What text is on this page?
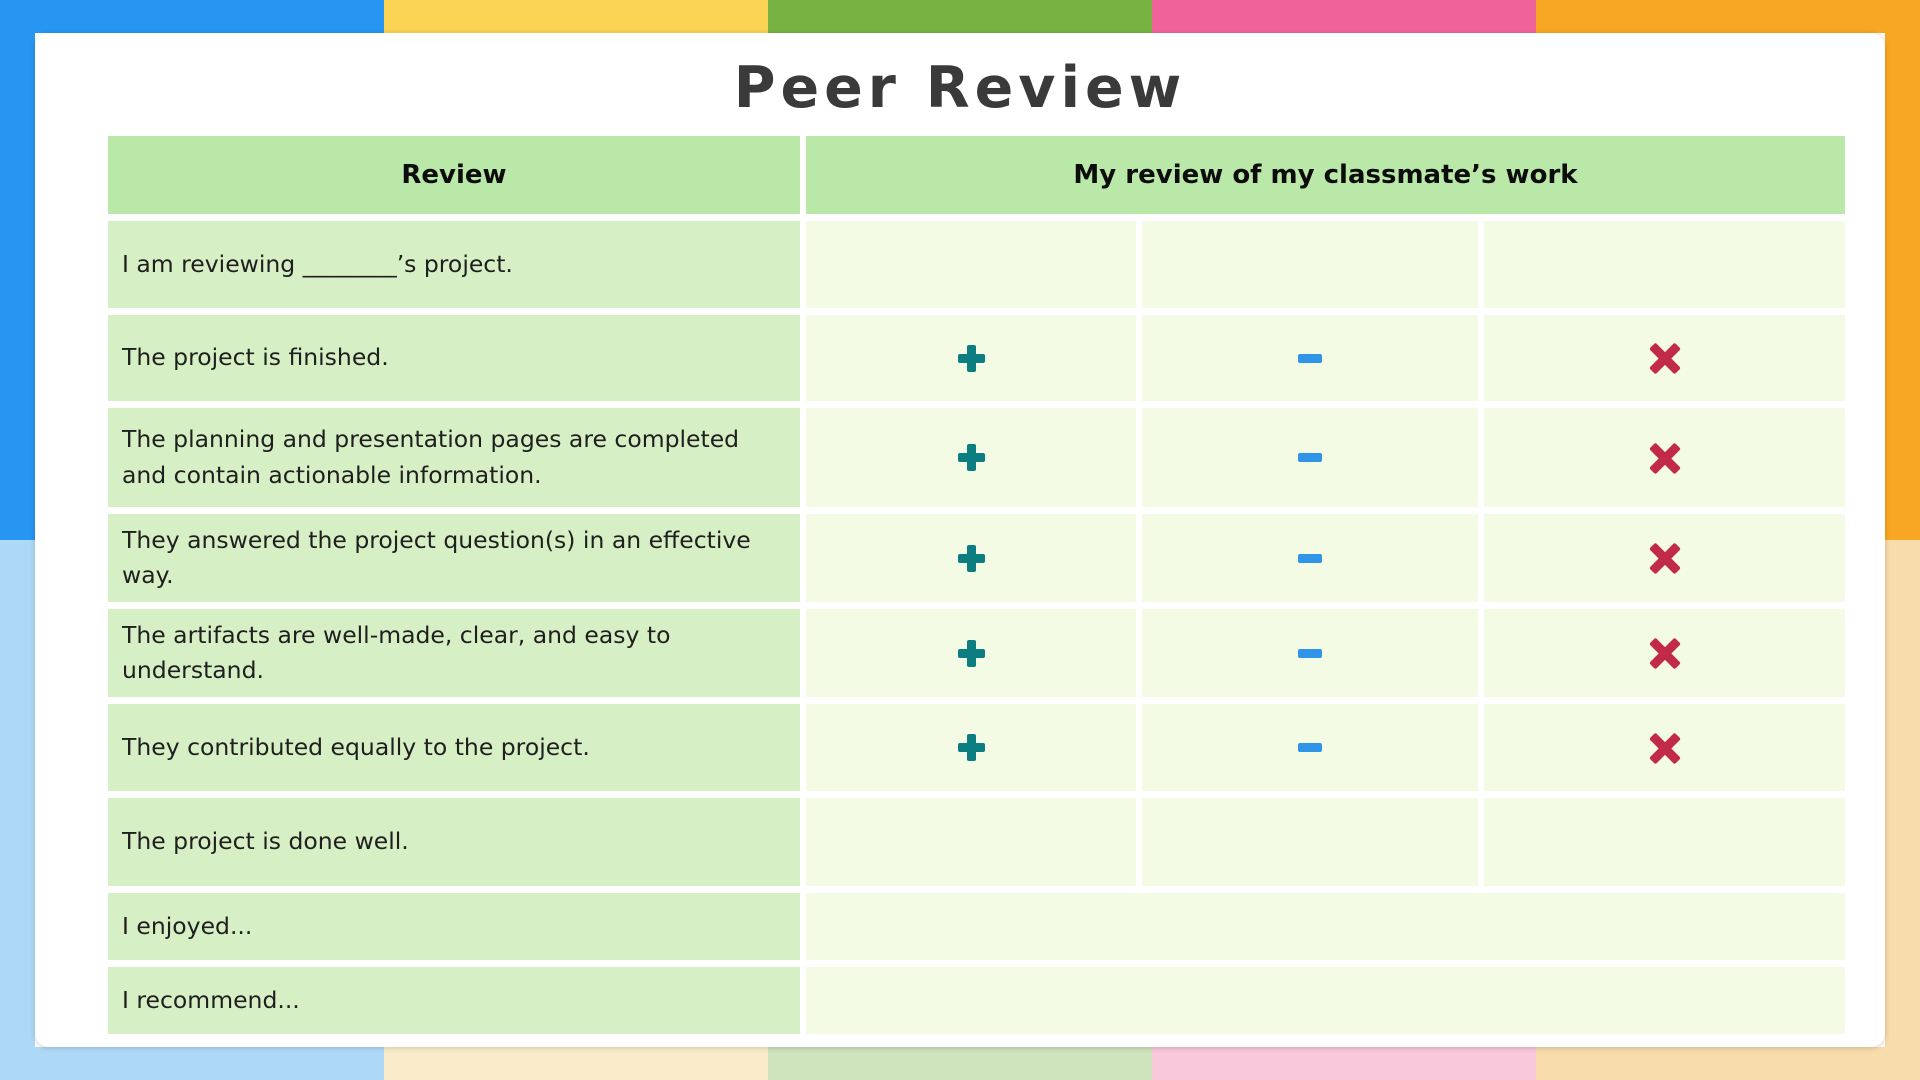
Peer Review
Review	My review of my classmate’s work
I am reviewing ________’s project.
The project is finished.
The planning and presentation pages are completed and contain actionable information.
They answered the project question(s) in an effective way.
The artifacts are well-made, clear, and easy to understand.
They contributed equally to the project.
The project is done well.
I enjoyed...
I recommend...
